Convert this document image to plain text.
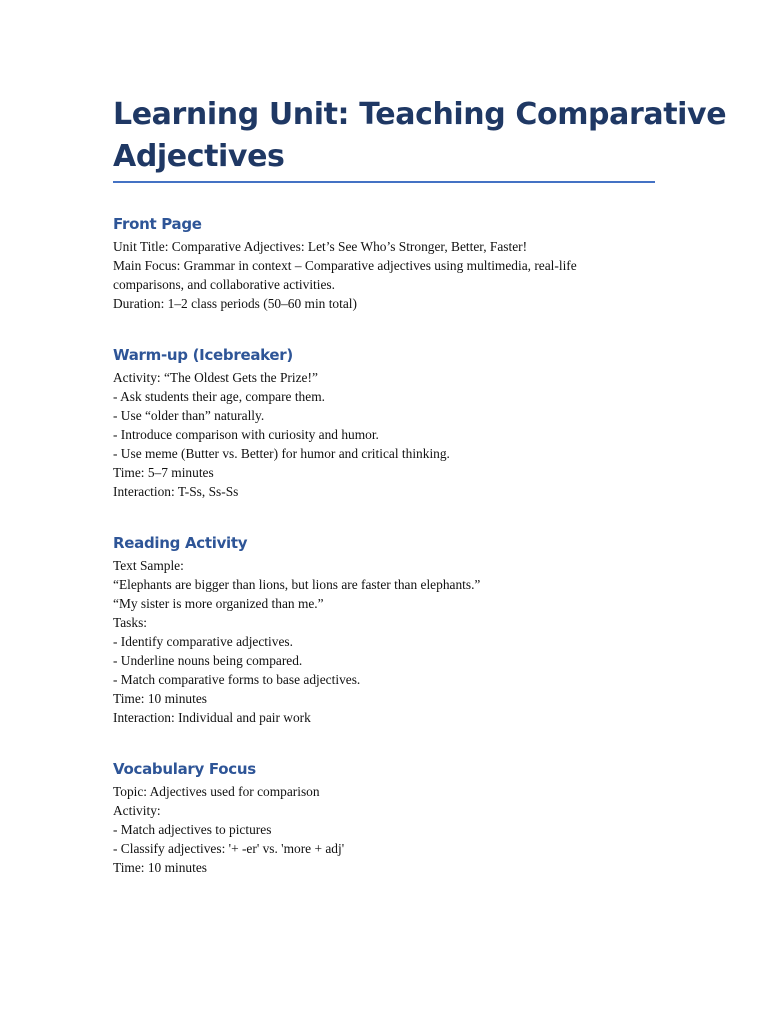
Learning Unit: Teaching Comparative
Adjectives
Front Page
Unit Title: Comparative Adjectives: Let’s See Who’s Stronger, Better, Faster!
Main Focus: Grammar in context – Comparative adjectives using multimedia, real-life
comparisons, and collaborative activities.
Duration: 1–2 class periods (50–60 min total)
Warm-up (Icebreaker)
Activity: “The Oldest Gets the Prize!”
- Ask students their age, compare them.
- Use “older than” naturally.
- Introduce comparison with curiosity and humor.
- Use meme (Butter vs. Better) for humor and critical thinking.
Time: 5–7 minutes
Interaction: T-Ss, Ss-Ss
Reading Activity
Text Sample:
“Elephants are bigger than lions, but lions are faster than elephants.”
“My sister is more organized than me.”
Tasks:
- Identify comparative adjectives.
- Underline nouns being compared.
- Match comparative forms to base adjectives.
Time: 10 minutes
Interaction: Individual and pair work
Vocabulary Focus
Topic: Adjectives used for comparison
Activity:
- Match adjectives to pictures
- Classify adjectives: '+ -er' vs. 'more + adj'
Time: 10 minutes
